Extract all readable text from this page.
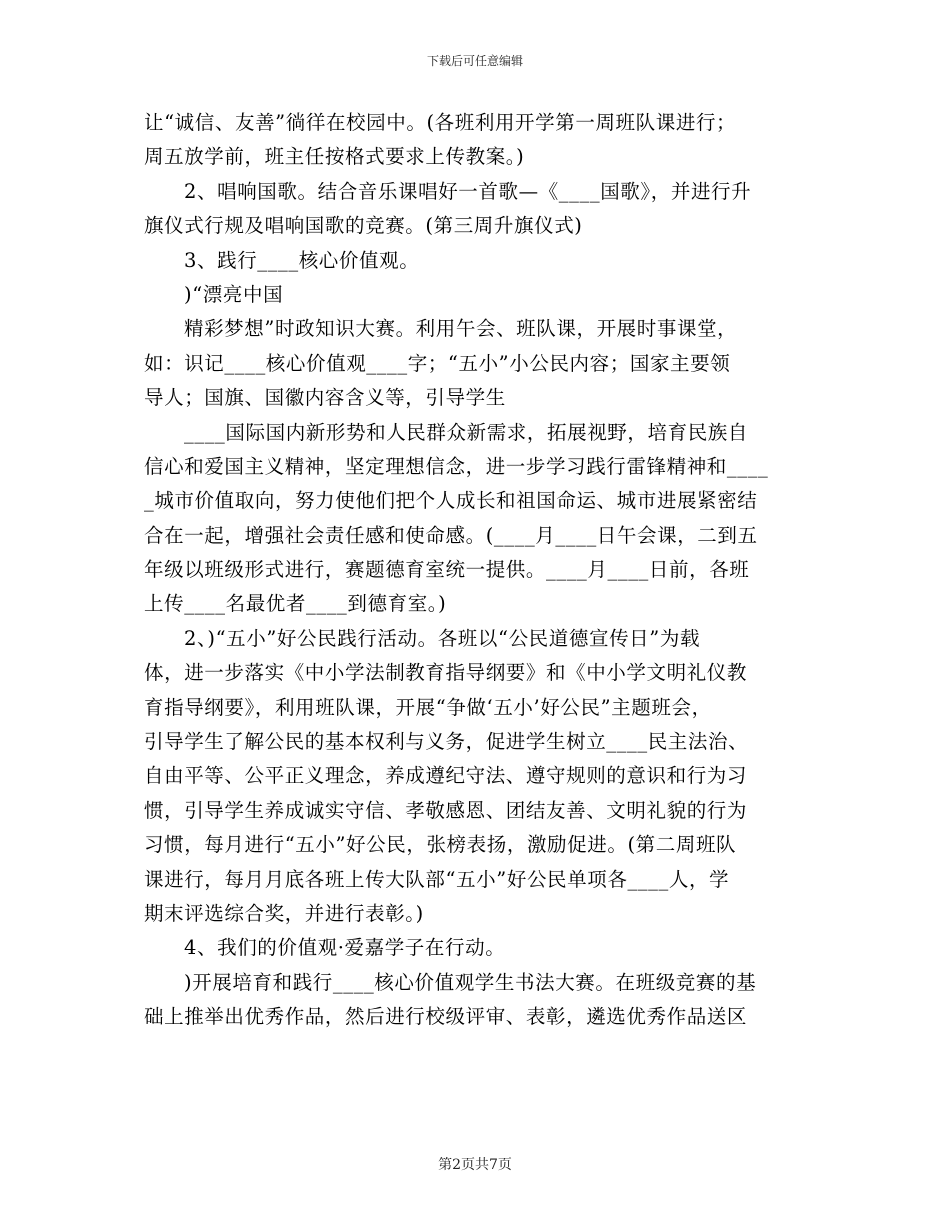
下载后可任意编辑
让“诚信、友善”徜徉在校园中。(各班利用开学第一周班队课进行；
周五放学前，班主任按格式要求上传教案。)
2、唱响国歌。结合音乐课唱好一首歌—《____国歌》，并进行升
旗仪式行规及唱响国歌的竞赛。(第三周升旗仪式)
3、践行____核心价值观。
)“漂亮中国
精彩梦想”时政知识大赛。利用午会、班队课，开展时事课堂，
如：识记____核心价值观____字；“五小”小公民内容；国家主要领
导人；国旗、国徽内容含义等，引导学生
____国际国内新形势和人民群众新需求，拓展视野，培育民族自
信心和爱国主义精神，坚定理想信念，进一步学习践行雷锋精神和____
_城市价值取向，努力使他们把个人成长和祖国命运、城市进展紧密结
合在一起，增强社会责任感和使命感。(____月____日午会课，二到五
年级以班级形式进行，赛题德育室统一提供。____月____日前，各班
上传____名最优者____到德育室。)
2、)“五小”好公民践行活动。各班以“公民道德宣传日”为载
体，进一步落实《中小学法制教育指导纲要》和《中小学文明礼仪教
育指导纲要》，利用班队课，开展“争做‘五小’好公民”主题班会，
引导学生了解公民的基本权利与义务，促进学生树立____民主法治、
自由平等、公平正义理念，养成遵纪守法、遵守规则的意识和行为习
惯，引导学生养成诚实守信、孝敬感恩、团结友善、文明礼貌的行为
习惯，每月进行“五小”好公民，张榜表扬，激励促进。(第二周班队
课进行，每月月底各班上传大队部“五小”好公民单项各____人，学
期末评选综合奖，并进行表彰。)
4、我们的价值观·爱嘉学子在行动。
)开展培育和践行____核心价值观学生书法大赛。在班级竞赛的基
础上推举出优秀作品，然后进行校级评审、表彰，遴选优秀作品送区
第2页共7页
